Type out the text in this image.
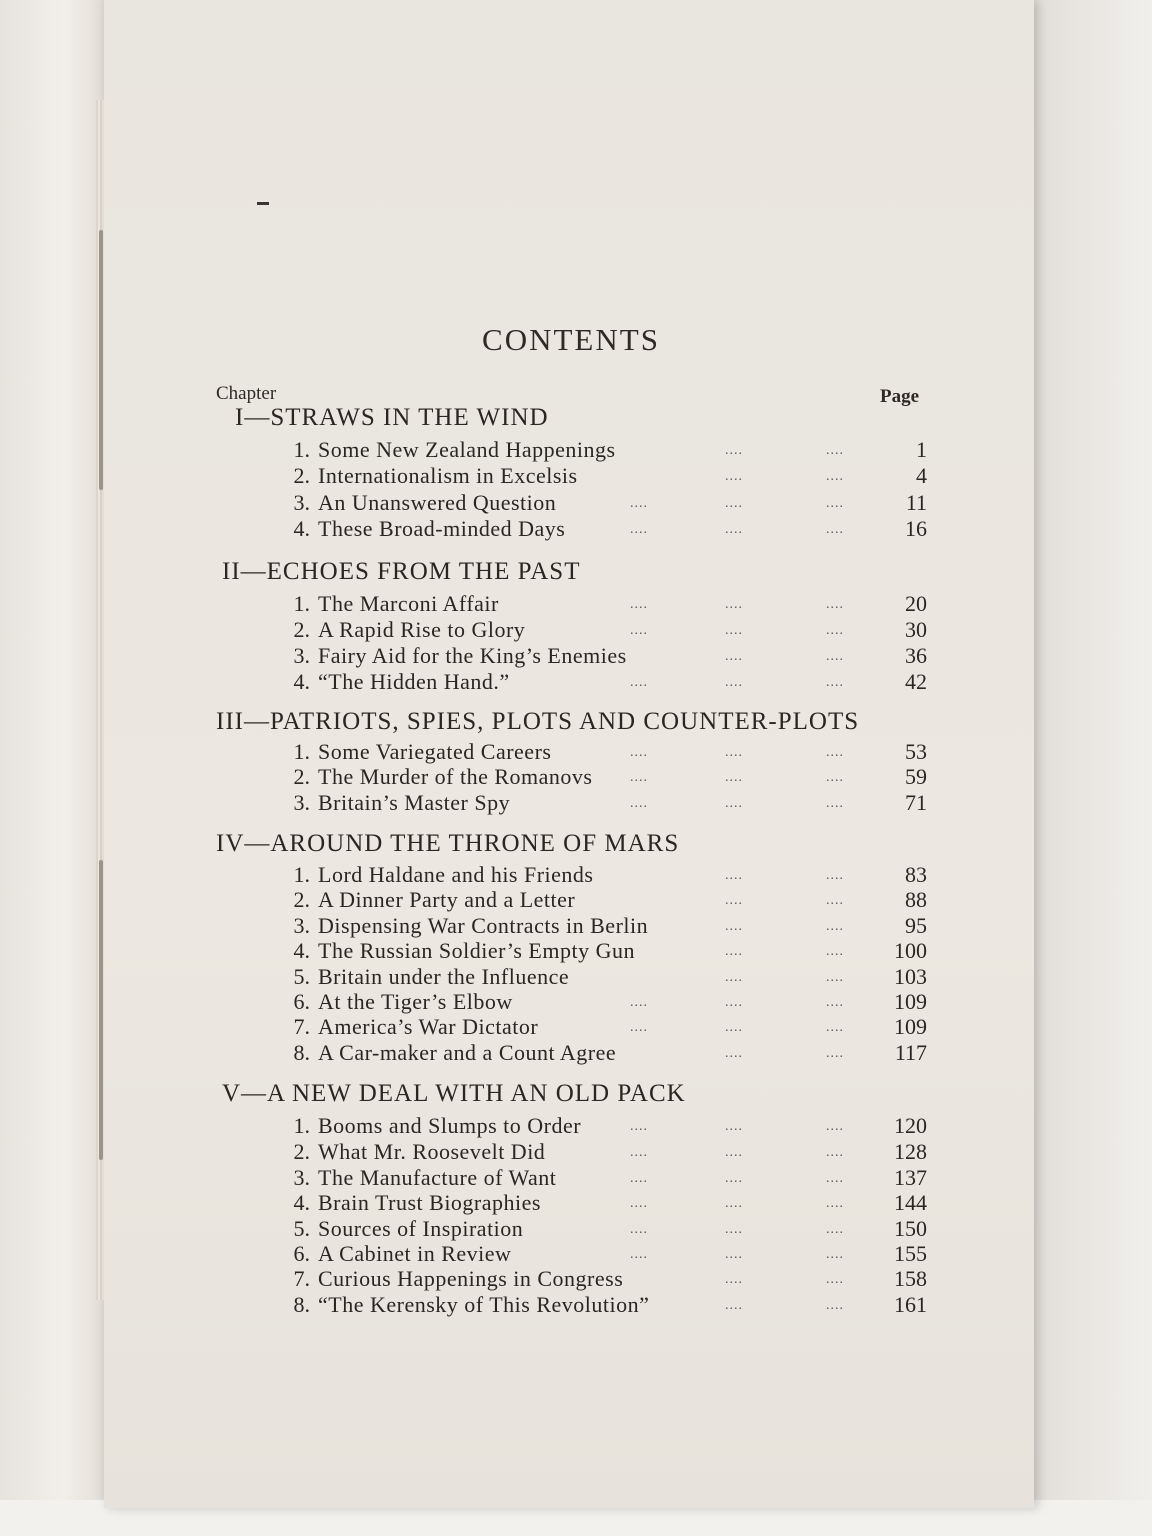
CONTENTS
Chapter	Page
I—STRAWS IN THE WIND
1. Some New Zealand Happenings	....	....	1
2. Internationalism in Excelsis	....	....	4
3. An Unanswered Question	....	....	....	11
4. These Broad-minded Days	....	....	....	16
II—ECHOES FROM THE PAST
1. The Marconi Affair	....	....	....	20
2. A Rapid Rise to Glory	....	....	....	30
3. Fairy Aid for the King’s Enemies	....	....	36
4. “The Hidden Hand.”	....	....	....	42
III—PATRIOTS, SPIES, PLOTS AND COUNTER-PLOTS
1. Some Variegated Careers	....	....	....	53
2. The Murder of the Romanovs	....	....	....	59
3. Britain’s Master Spy	....	....	....	71
IV—AROUND THE THRONE OF MARS
1. Lord Haldane and his Friends	....	....	83
2. A Dinner Party and a Letter	....	....	88
3. Dispensing War Contracts in Berlin	....	....	95
4. The Russian Soldier’s Empty Gun	....	....	100
5. Britain under the Influence	....	....	103
6. At the Tiger’s Elbow	....	....	....	109
7. America’s War Dictator	....	....	....	109
8. A Car-maker and a Count Agree	....	....	117
V—A NEW DEAL WITH AN OLD PACK
1. Booms and Slumps to Order	....	....	....	120
2. What Mr. Roosevelt Did	....	....	....	128
3. The Manufacture of Want	....	....	....	137
4. Brain Trust Biographies	....	....	....	144
5. Sources of Inspiration	....	....	....	150
6. A Cabinet in Review	....	....	....	155
7. Curious Happenings in Congress	....	....	158
8. “The Kerensky of This Revolution”	....	....	161
